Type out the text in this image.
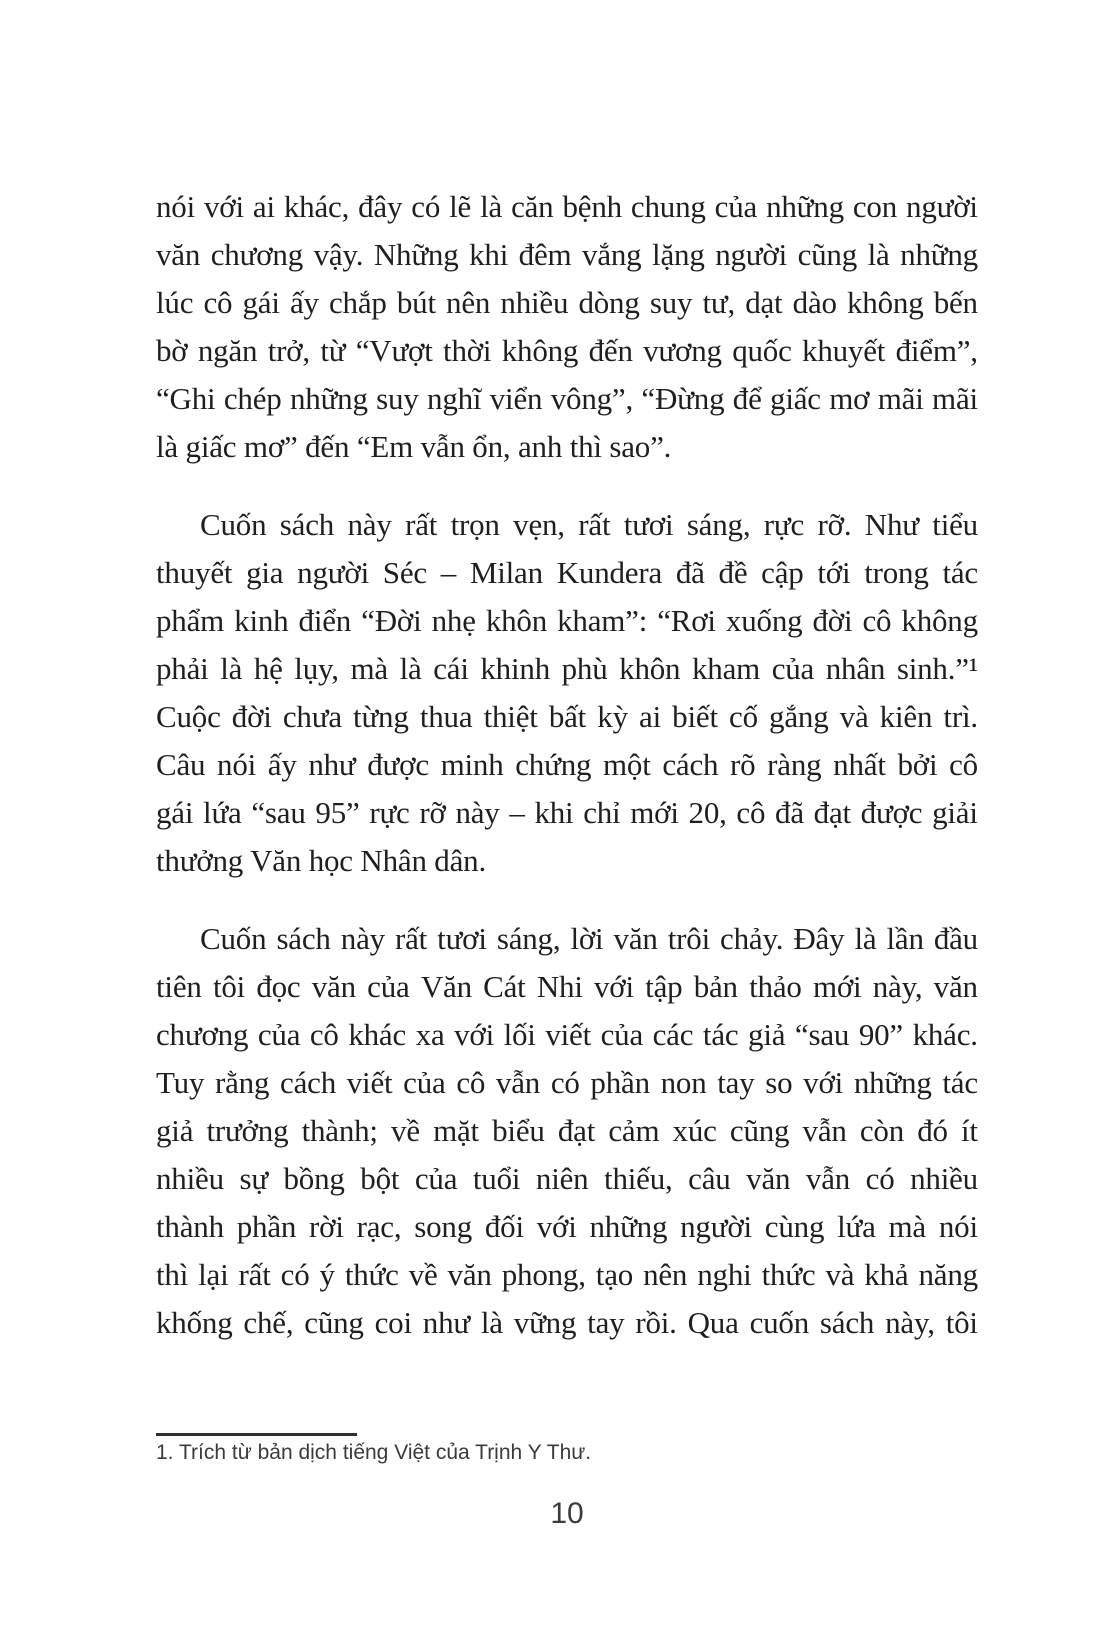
nói với ai khác, đây có lẽ là căn bệnh chung của những con người
văn chương vậy. Những khi đêm vắng lặng người cũng là những
lúc cô gái ấy chắp bút nên nhiều dòng suy tư, dạt dào không bến
bờ ngăn trở, từ “Vượt thời không đến vương quốc khuyết điểm”,
“Ghi chép những suy nghĩ viển vông”, “Đừng để giấc mơ mãi mãi
là giấc mơ” đến “Em vẫn ổn, anh thì sao”.
Cuốn sách này rất trọn vẹn, rất tươi sáng, rực rỡ. Như tiểu
thuyết gia người Séc – Milan Kundera đã đề cập tới trong tác
phẩm kinh điển “Đời nhẹ khôn kham”: “Rơi xuống đời cô không
phải là hệ lụy, mà là cái khinh phù khôn kham của nhân sinh.”¹
Cuộc đời chưa từng thua thiệt bất kỳ ai biết cố gắng và kiên trì.
Câu nói ấy như được minh chứng một cách rõ ràng nhất bởi cô
gái lứa “sau 95” rực rỡ này – khi chỉ mới 20, cô đã đạt được giải
thưởng Văn học Nhân dân.
Cuốn sách này rất tươi sáng, lời văn trôi chảy. Đây là lần đầu
tiên tôi đọc văn của Văn Cát Nhi với tập bản thảo mới này, văn
chương của cô khác xa với lối viết của các tác giả “sau 90” khác.
Tuy rằng cách viết của cô vẫn có phần non tay so với những tác
giả trưởng thành; về mặt biểu đạt cảm xúc cũng vẫn còn đó ít
nhiều sự bồng bột của tuổi niên thiếu, câu văn vẫn có nhiều
thành phần rời rạc, song đối với những người cùng lứa mà nói
thì lại rất có ý thức về văn phong, tạo nên nghi thức và khả năng
khống chế, cũng coi như là vững tay rồi. Qua cuốn sách này, tôi

1. Trích từ bản dịch tiếng Việt của Trịnh Y Thư.

10
